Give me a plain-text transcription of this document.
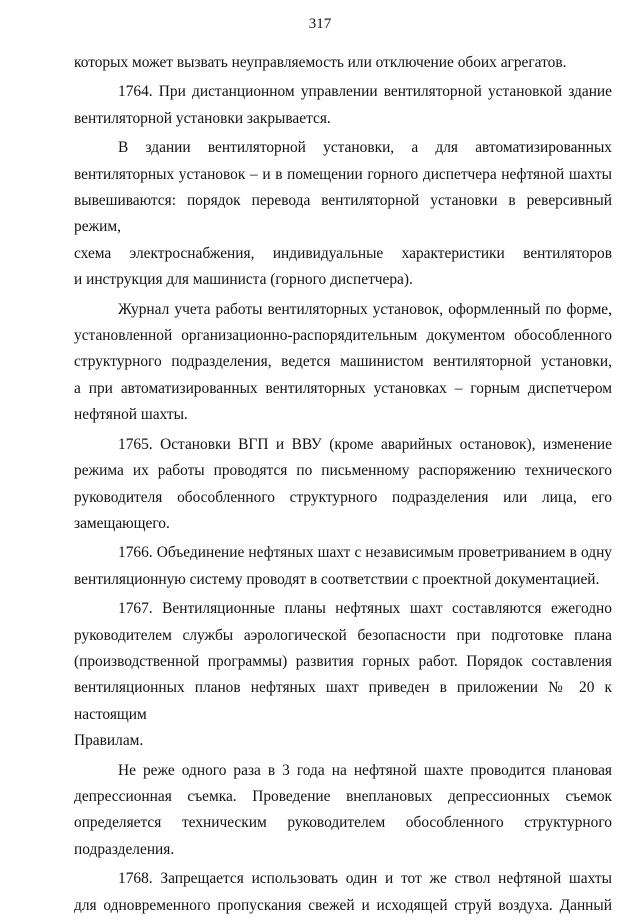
317
которых может вызвать неуправляемость или отключение обоих агрегатов.
1764. При дистанционном управлении вентиляторной установкой здание
вентиляторной установки закрывается.
В здании вентиляторной установки, а для автоматизированных
вентиляторных установок – и в помещении горного диспетчера нефтяной шахты
вывешиваются: порядок перевода вентиляторной установки в реверсивный режим,
схема электроснабжения, индивидуальные характеристики вентиляторов
и инструкция для машиниста (горного диспетчера).
Журнал учета работы вентиляторных установок, оформленный по форме,
установленной организационно-распорядительным документом обособленного
структурного подразделения, ведется машинистом вентиляторной установки,
а при автоматизированных вентиляторных установках – горным диспетчером
нефтяной шахты.
1765. Остановки ВГП и ВВУ (кроме аварийных остановок), изменение
режима их работы проводятся по письменному распоряжению технического
руководителя обособленного структурного подразделения или лица, его
замещающего.
1766. Объединение нефтяных шахт с независимым проветриванием в одну
вентиляционную систему проводят в соответствии с проектной документацией.
1767. Вентиляционные планы нефтяных шахт составляются ежегодно
руководителем службы аэрологической безопасности при подготовке плана
(производственной программы) развития горных работ. Порядок составления
вентиляционных планов нефтяных шахт приведен в приложении № 20 к настоящим
Правилам.
Не реже одного раза в 3 года на нефтяной шахте проводится плановая
депрессионная съемка. Проведение внеплановых депрессионных съемок
определяется техническим руководителем обособленного структурного
подразделения.
1768. Запрещается использовать один и тот же ствол нефтяной шахты
для одновременного пропускания свежей и исходящей струй воздуха. Данный
